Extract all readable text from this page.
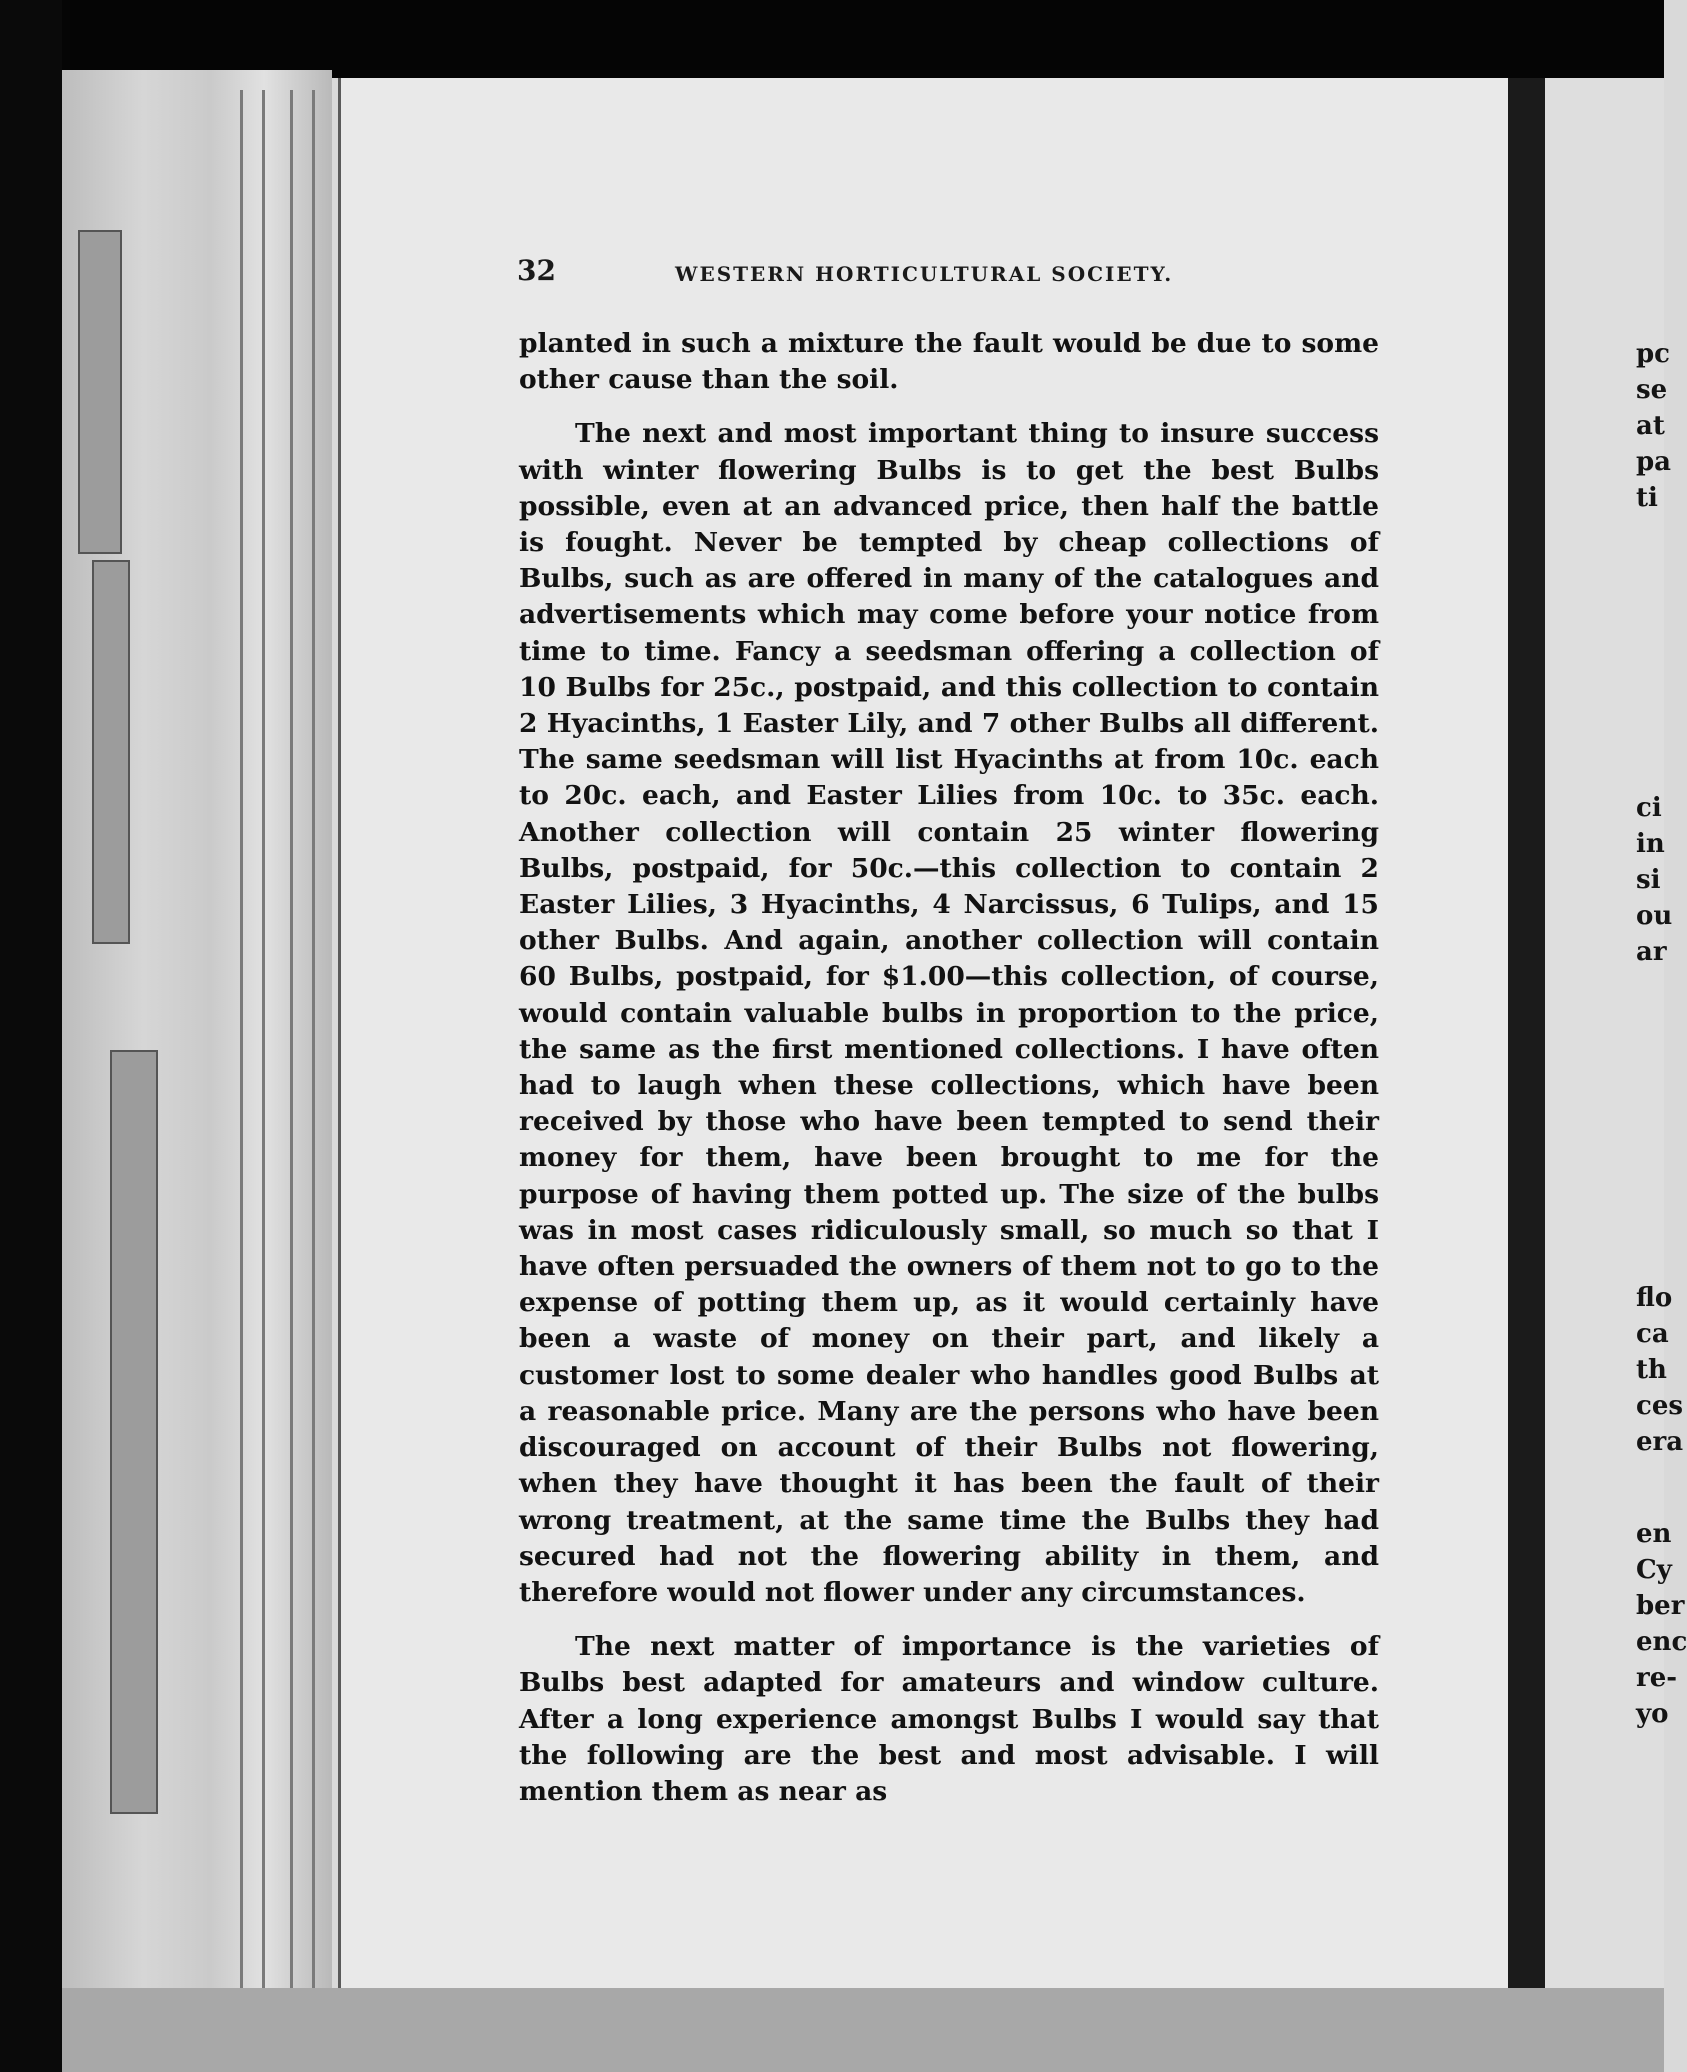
32	WESTERN HORTICULTURAL SOCIETY.

planted in such a mixture the fault would be due to some other cause than the soil.

The next and most important thing to insure success with winter flowering Bulbs is to get the best Bulbs possible, even at an advanced price, then half the battle is fought. Never be tempted by cheap collections of Bulbs, such as are offered in many of the catalogues and advertisements which may come before your notice from time to time. Fancy a seedsman offering a collection of 10 Bulbs for 25c., postpaid, and this collection to contain 2 Hyacinths, 1 Easter Lily, and 7 other Bulbs all different. The same seedsman will list Hyacinths at from 10c. each to 20c. each, and Easter Lilies from 10c. to 35c. each. Another collection will contain 25 winter flowering Bulbs, postpaid, for 50c.—this collection to contain 2 Easter Lilies, 3 Hyacinths, 4 Narcissus, 6 Tulips, and 15 other Bulbs. And again, another collection will contain 60 Bulbs, postpaid, for $1.00—this collection, of course, would contain valuable bulbs in proportion to the price, the same as the first mentioned collections. I have often had to laugh when these collections, which have been received by those who have been tempted to send their money for them, have been brought to me for the purpose of having them potted up. The size of the bulbs was in most cases ridiculously small, so much so that I have often persuaded the owners of them not to go to the expense of potting them up, as it would certainly have been a waste of money on their part, and likely a customer lost to some dealer who handles good Bulbs at a reasonable price. Many are the persons who have been discouraged on account of their Bulbs not flowering, when they have thought it has been the fault of their wrong treatment, at the same time the Bulbs they had secured had not the flowering ability in them, and therefore would not flower under any circumstances.

The next matter of importance is the varieties of Bulbs best adapted for amateurs and window culture. After a long experience amongst Bulbs I would say that the following are the best and most advisable. I will mention them as near as

pc
se
at
pa
ti
ci
in
si
ou
ar
flo
ca
th
ces
era
en
Cy
ber
enc
re-
yo
